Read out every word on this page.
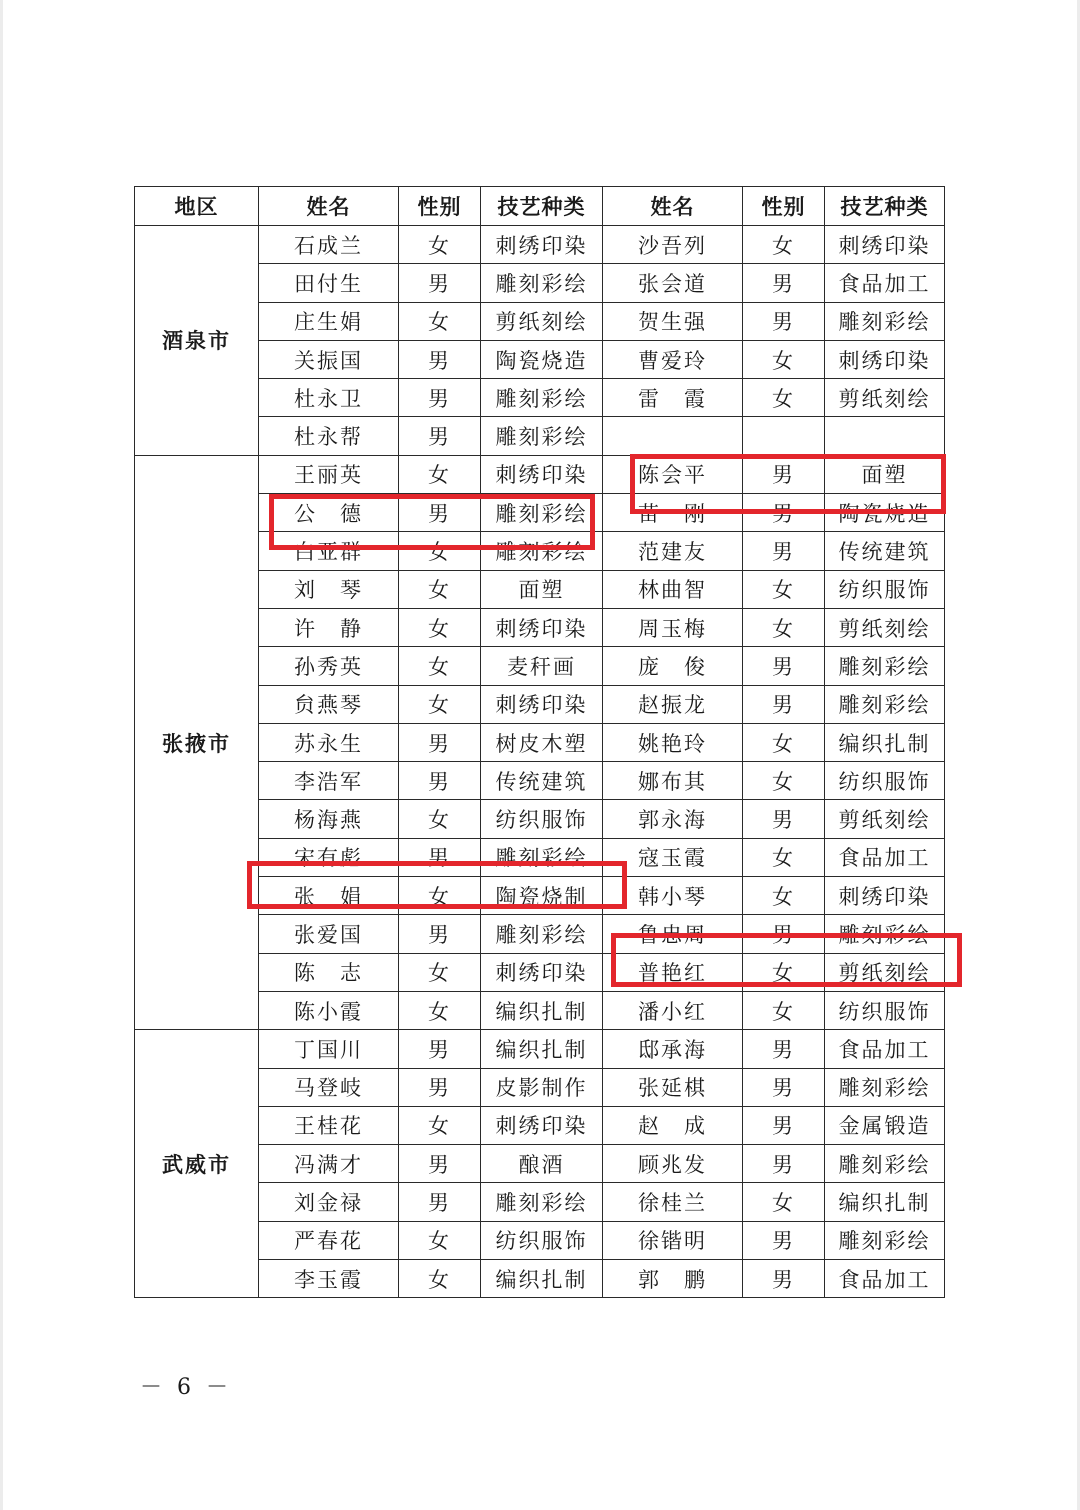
地区	姓名	性别	技艺种类	姓名	性别	技艺种类
酒泉市	石成兰	女	刺绣印染	沙吾列	女	刺绣印染
	田付生	男	雕刻彩绘	张会道	男	食品加工
	庄生娟	女	剪纸刻绘	贺生强	男	雕刻彩绘
	关振国	男	陶瓷烧造	曹爱玲	女	刺绣印染
	杜永卫	男	雕刻彩绘	雷　霞	女	剪纸刻绘
	杜永帮	男	雕刻彩绘			
张掖市	王丽英	女	刺绣印染	陈会平	男	面塑
	公　德	男	雕刻彩绘	苗　刚	男	陶瓷烧造
	白亚群	女	雕刻彩绘	范建友	男	传统建筑
	刘　琴	女	面塑	林曲智	女	纺织服饰
	许　静	女	刺绣印染	周玉梅	女	剪纸刻绘
	孙秀英	女	麦秆画	庞　俊	男	雕刻彩绘
	贠燕琴	女	刺绣印染	赵振龙	男	雕刻彩绘
	苏永生	男	树皮木塑	姚艳玲	女	编织扎制
	李浩军	男	传统建筑	娜布其	女	纺织服饰
	杨海燕	女	纺织服饰	郭永海	男	剪纸刻绘
	宋有彪	男	雕刻彩绘	寇玉霞	女	食品加工
	张　娟	女	陶瓷烧制	韩小琴	女	刺绣印染
	张爱国	男	雕刻彩绘	鲁忠周	男	雕刻彩绘
	陈　志	女	刺绣印染	普艳红	女	剪纸刻绘
	陈小霞	女	编织扎制	潘小红	女	纺织服饰
武威市	丁国川	男	编织扎制	邸承海	男	食品加工
	马登岐	男	皮影制作	张延棋	男	雕刻彩绘
	王桂花	女	刺绣印染	赵　成	男	金属锻造
	冯满才	男	酿酒	顾兆发	男	雕刻彩绘
	刘金禄	男	雕刻彩绘	徐桂兰	女	编织扎制
	严春花	女	纺织服饰	徐锴明	男	雕刻彩绘
	李玉霞	女	编织扎制	郭　鹏	男	食品加工
－ 6 －
